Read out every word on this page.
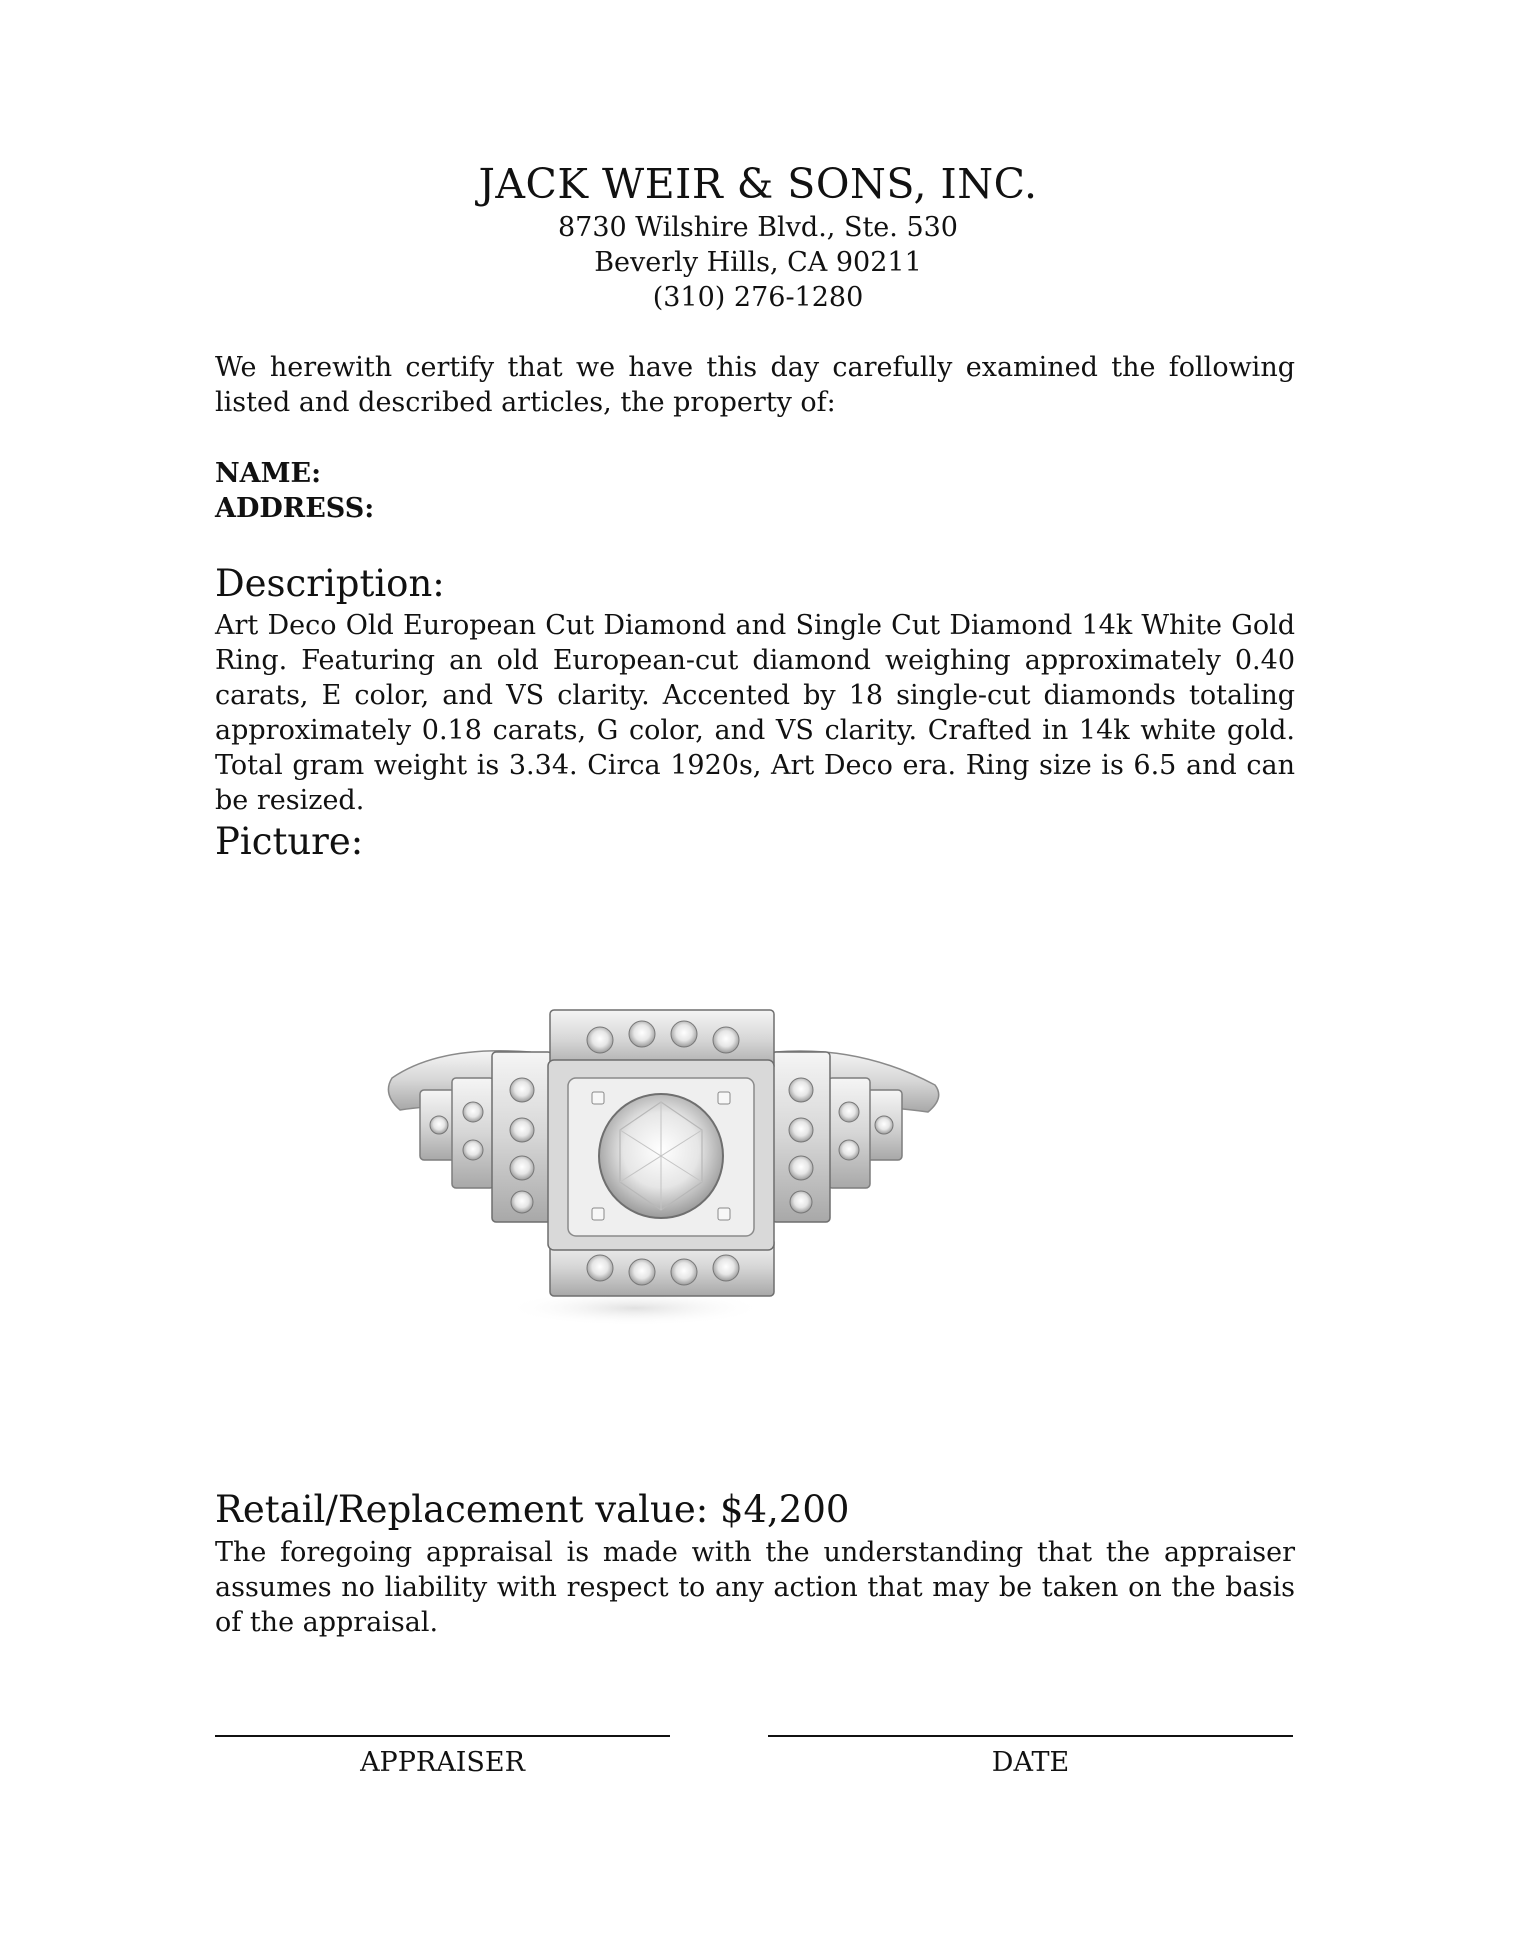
JACK WEIR & SONS, INC.
8730 Wilshire Blvd., Ste. 530
Beverly Hills, CA 90211
(310) 276-1280
We herewith certify that we have this day carefully examined the following listed and described articles, the property of:
NAME:
ADDRESS:
Description:
Art Deco Old European Cut Diamond and Single Cut Diamond 14k White Gold Ring. Featuring an old European-cut diamond weighing approximately 0.40 carats, E color, and VS clarity. Accented by 18 single-cut diamonds totaling approximately 0.18 carats, G color, and VS clarity. Crafted in 14k white gold. Total gram weight is 3.34. Circa 1920s, Art Deco era. Ring size is 6.5 and can be resized.
Picture:
Retail/Replacement value: $4,200
The foregoing appraisal is made with the understanding that the appraiser assumes no liability with respect to any action that may be taken on the basis of the appraisal.
APPRAISER	DATE
